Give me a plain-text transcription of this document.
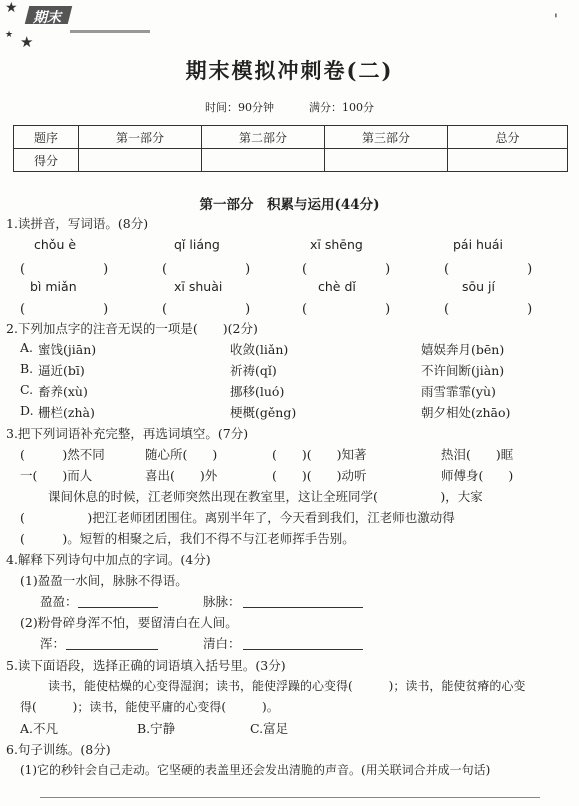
★
★ ★
期末	'
期末模拟冲刺卷(二)
时间：90分钟          满分：100分
题序	第一部分	第二部分	第三部分	总分
得分				
第一部分　积累与运用(44分)
1.读拼音，写词语。(8分)
chǒu è	qǐ liáng	xī shēng	pái huái
(　　　　　　)	(　　　　　　)	(　　　　　　)	(　　　　　　)
bì miǎn	xī shuài	chè dǐ	sōu jí
(　　　　　　)	(　　　　　　)	(　　　　　　)	(　　　　　　)
2.下列加点字的注音无误的一项是(　　)(2分)
A. 蜜饯(jiān)	收敛(liǎn)	嬉娱奔月(bēn)
B. 逼近(bī)	祈祷(qǐ)	不许间断(jiàn)
C. 畜养(xù)	挪移(luó)	雨雪霏霏(yù)
D. 栅栏(zhà)	梗概(gěng)	朝夕相处(zhāo)
3.把下列词语补充完整，再选词填空。(7分)
(　　　)然不同	随心所(　　)	(　　)(　　)知著	热泪(　　)眶
一(　　)而人	喜出(　　)外	(　　)(　　)动听	师傅身(　　)
课间休息的时候，江老师突然出现在教室里，这让全班同学(　　　　　)，大家
(　　　　　)把江老师团团围住。离别半年了，今天看到我们，江老师也激动得
(　　　)。短暂的相聚之后，我们不得不与江老师挥手告别。
4.解释下列诗句中加点的字词。(4分)
(1)盈盈一水间，脉脉不得语。
盈盈：	脉脉：
(2)粉骨碎身浑不怕，要留清白在人间。
浑：	清白：
5.读下面语段，选择正确的词语填入括号里。(3分)
读书，能使枯燥的心变得湿润；读书，能使浮躁的心变得(　　　)；读书，能使贫瘠的心变
得(　　　)；读书，能使平庸的心变得(　　　)。
A.不凡	B.宁静	C.富足
6.句子训练。(8分)
(1)它的秒针会自己走动。它坚硬的表盖里还会发出清脆的声音。(用关联词合并成一句话)
